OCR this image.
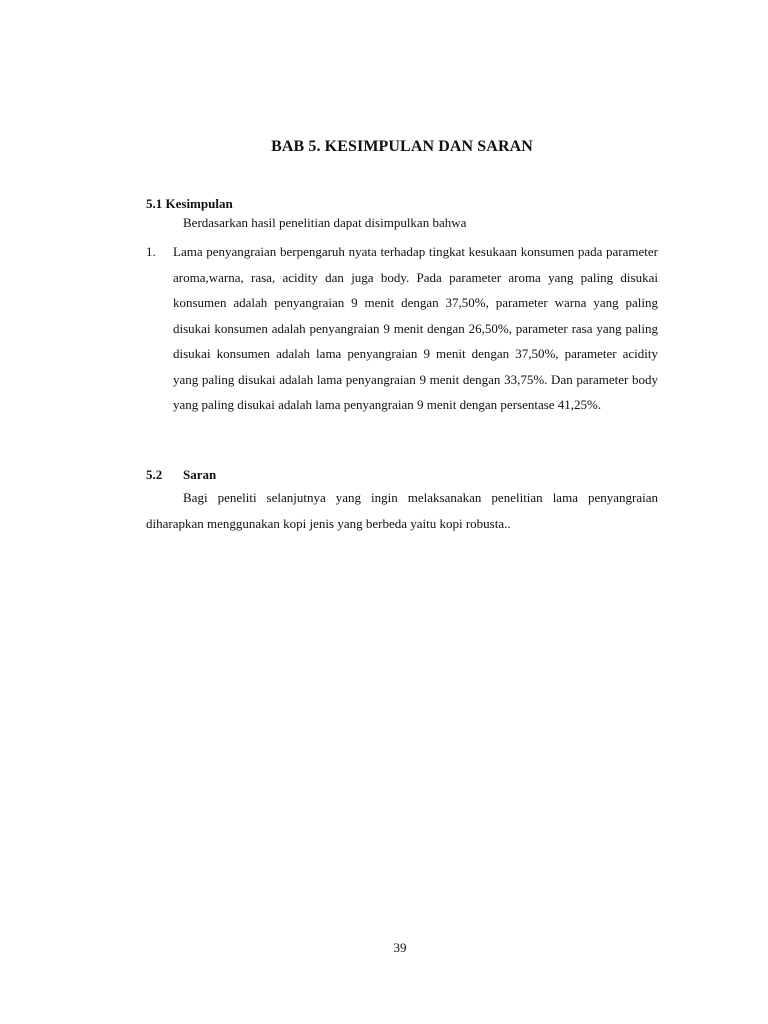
BAB 5. KESIMPULAN DAN SARAN
5.1 Kesimpulan
Berdasarkan hasil penelitian dapat disimpulkan bahwa
1. Lama penyangraian berpengaruh nyata terhadap tingkat kesukaan konsumen pada parameter aroma,warna, rasa, acidity dan juga body. Pada parameter aroma yang paling disukai konsumen adalah penyangraian 9 menit dengan 37,50%, parameter warna yang paling disukai konsumen adalah penyangraian 9 menit dengan 26,50%, parameter rasa yang paling disukai konsumen adalah lama penyangraian 9 menit dengan 37,50%, parameter acidity yang paling disukai adalah lama penyangraian 9 menit dengan 33,75%. Dan parameter body yang paling disukai adalah lama penyangraian 9 menit dengan persentase 41,25%.
5.2 Saran
Bagi peneliti selanjutnya yang ingin melaksanakan penelitian lama penyangraian diharapkan menggunakan kopi jenis yang berbeda yaitu kopi robusta..
39
